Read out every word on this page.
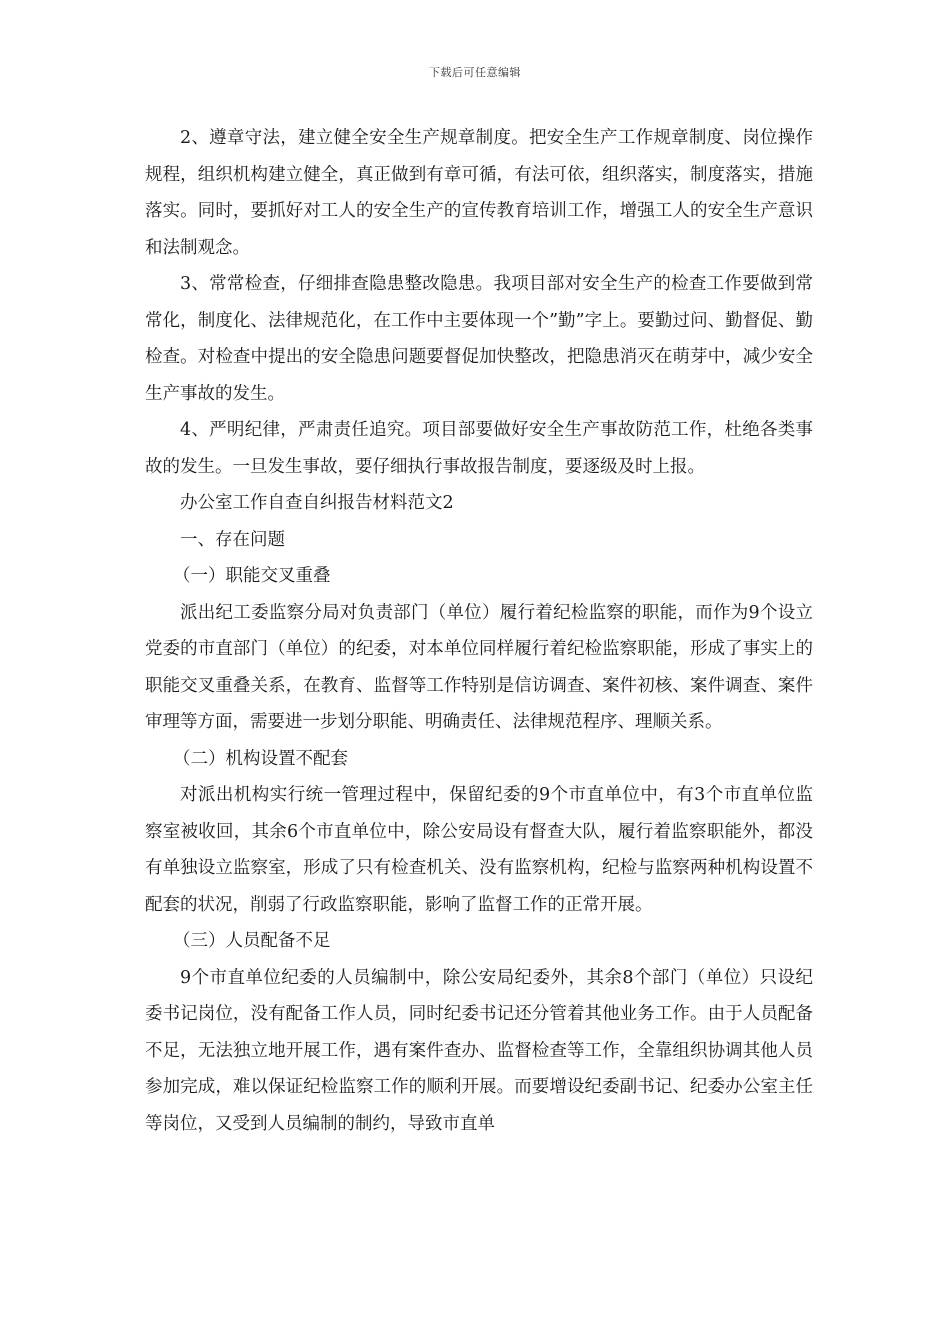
下载后可任意编辑

2、遵章守法，建立健全安全生产规章制度。把安全生产工作规章制度、岗位操作规程，组织机构建立健全，真正做到有章可循，有法可依，组织落实，制度落实，措施落实。同时，要抓好对工人的安全生产的宣传教育培训工作，增强工人的安全生产意识和法制观念。

3、常常检查，仔细排查隐患整改隐患。我项目部对安全生产的检查工作要做到常常化，制度化、法律规范化，在工作中主要体现一个”勤”字上。要勤过问、勤督促、勤检查。对检查中提出的安全隐患问题要督促加快整改，把隐患消灭在萌芽中，减少安全生产事故的发生。

4、严明纪律，严肃责任追究。项目部要做好安全生产事故防范工作，杜绝各类事故的发生。一旦发生事故，要仔细执行事故报告制度，要逐级及时上报。

办公室工作自查自纠报告材料范文2

一、存在问题

（一）职能交叉重叠

派出纪工委监察分局对负责部门（单位）履行着纪检监察的职能，而作为9个设立党委的市直部门（单位）的纪委，对本单位同样履行着纪检监察职能，形成了事实上的职能交叉重叠关系，在教育、监督等工作特别是信访调查、案件初核、案件调查、案件审理等方面，需要进一步划分职能、明确责任、法律规范程序、理顺关系。

（二）机构设置不配套

对派出机构实行统一管理过程中，保留纪委的9个市直单位中，有3个市直单位监察室被收回，其余6个市直单位中，除公安局设有督查大队，履行着监察职能外，都没有单独设立监察室，形成了只有检查机关、没有监察机构，纪检与监察两种机构设置不配套的状况，削弱了行政监察职能，影响了监督工作的正常开展。

（三）人员配备不足

9个市直单位纪委的人员编制中，除公安局纪委外，其余8个部门（单位）只设纪委书记岗位，没有配备工作人员，同时纪委书记还分管着其他业务工作。由于人员配备不足，无法独立地开展工作，遇有案件查办、监督检查等工作，全靠组织协调其他人员参加完成，难以保证纪检监察工作的顺利开展。而要增设纪委副书记、纪委办公室主任等岗位，又受到人员编制的制约，导致市直单
